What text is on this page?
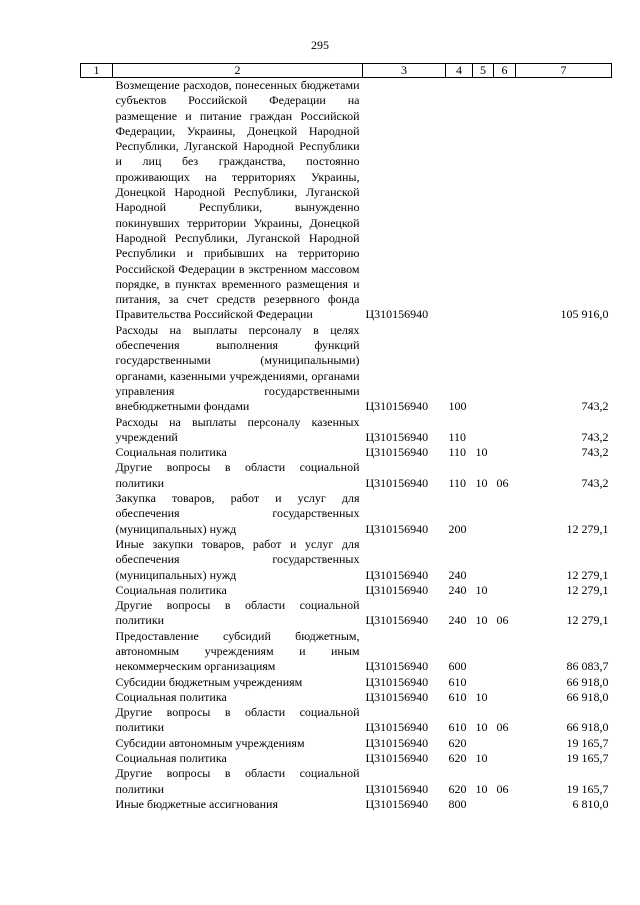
295
1	2	3	4	5	6	7
	Возмещение расходов, понесенных бюджетами субъектов Российской Федерации на размещение и питание граждан Российской Федерации, Украины, Донецкой Народной Республики, Луганской Народной Республики и лиц без гражданства, постоянно проживающих на территориях Украины, Донецкой Народной Республики, Луганской Народной Республики, вынужденно покинувших территории Украины, Донецкой Народной Республики, Луганской Народной Республики и прибывших на территорию Российской Федерации в экстренном массовом порядке, в пунктах временного размещения и питания, за счет средств резервного фонда Правительства Российской Федерации	Ц310156940				105 916,0
	Расходы на выплаты персоналу в целях обеспечения выполнения функций государственными (муниципальными) органами, казенными учреждениями, органами управления государственными внебюджетными фондами	Ц310156940	100			743,2
	Расходы на выплаты персоналу казенных учреждений	Ц310156940	110			743,2
	Социальная политика	Ц310156940	110	10		743,2
	Другие вопросы в области социальной политики	Ц310156940	110	10	06	743,2
	Закупка товаров, работ и услуг для обеспечения государственных (муниципальных) нужд	Ц310156940	200			12 279,1
	Иные закупки товаров, работ и услуг для обеспечения государственных (муниципальных) нужд	Ц310156940	240			12 279,1
	Социальная политика	Ц310156940	240	10		12 279,1
	Другие вопросы в области социальной политики	Ц310156940	240	10	06	12 279,1
	Предоставление субсидий бюджетным, автономным учреждениям и иным некоммерческим организациям	Ц310156940	600			86 083,7
	Субсидии бюджетным учреждениям	Ц310156940	610			66 918,0
	Социальная политика	Ц310156940	610	10		66 918,0
	Другие вопросы в области социальной политики	Ц310156940	610	10	06	66 918,0
	Субсидии автономным учреждениям	Ц310156940	620			19 165,7
	Социальная политика	Ц310156940	620	10		19 165,7
	Другие вопросы в области социальной политики	Ц310156940	620	10	06	19 165,7
	Иные бюджетные ассигнования	Ц310156940	800			6 810,0
